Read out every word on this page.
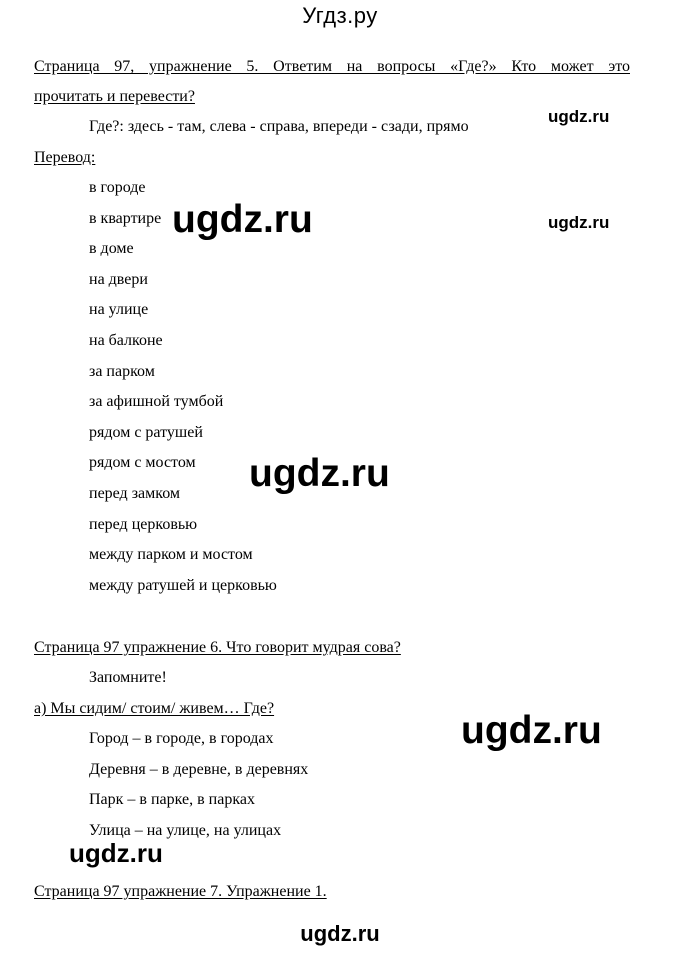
Угдз.ру
Страница 97, упражнение 5. Ответим на вопросы «Где?» Кто может это
прочитать и перевести?
ugdz.ru
Где?: здесь - там, слева - справа, впереди - сзади, прямо
Перевод:
в городе
в квартире
в доме
на двери
на улице
на балконе
за парком
за афишной тумбой
рядом с ратушей
рядом с мостом
перед замком
перед церковью
между парком и мостом
между ратушей и церковью
ugdz.ru	ugdz.ru
ugdz.ru
Страница 97 упражнение 6. Что говорит мудрая сова?
Запомните!
а) Мы сидим/ стоим/ живем… Где?
ugdz.ru
Город – в городе, в городах
Деревня – в деревне, в деревнях
Парк – в парке, в парках
Улица – на улице, на улицах
ugdz.ru
Страница 97 упражнение 7. Упражнение 1.
ugdz.ru
